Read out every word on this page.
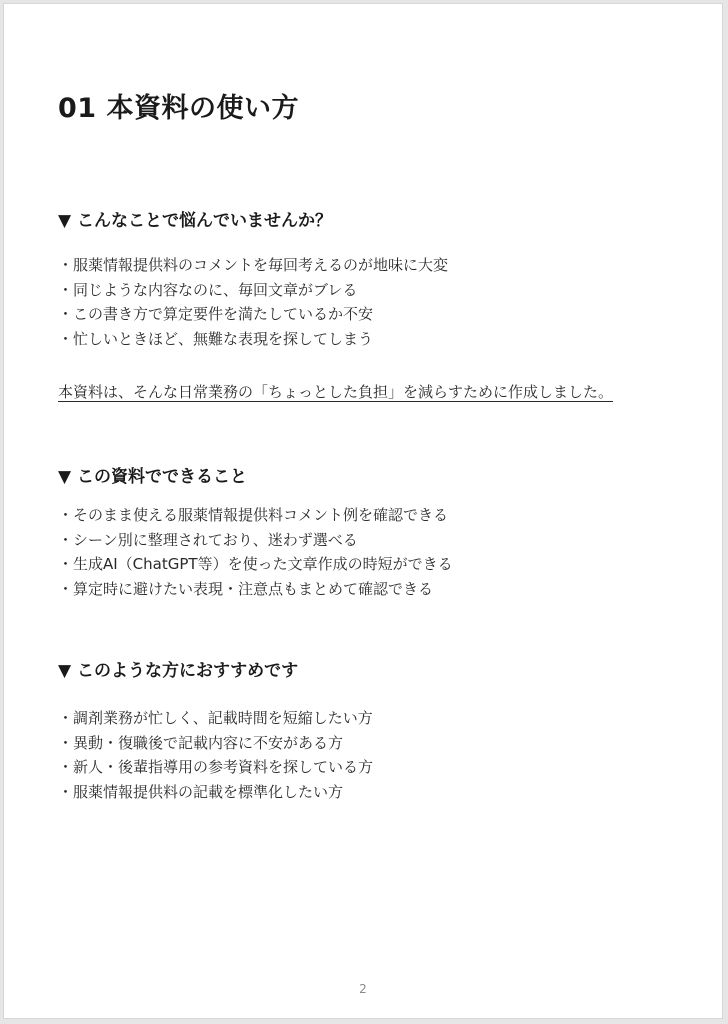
01 本資料の使い方
▼ こんなことで悩んでいませんか？
・服薬情報提供料のコメントを毎回考えるのが地味に大変
・同じような内容なのに、毎回文章がブレる
・この書き方で算定要件を満たしているか不安
・忙しいときほど、無難な表現を探してしまう

本資料は、そんな日常業務の「ちょっとした負担」を減らすために作成しました。

▼ この資料でできること
・そのまま使える服薬情報提供料コメント例を確認できる
・シーン別に整理されており、迷わず選べる
・生成AI（ChatGPT等）を使った文章作成の時短ができる
・算定時に避けたい表現・注意点もまとめて確認できる
▼ このような方におすすめです
・調剤業務が忙しく、記載時間を短縮したい方
・異動・復職後で記載内容に不安がある方
・新人・後輩指導用の参考資料を探している方
・服薬情報提供料の記載を標準化したい方
2
